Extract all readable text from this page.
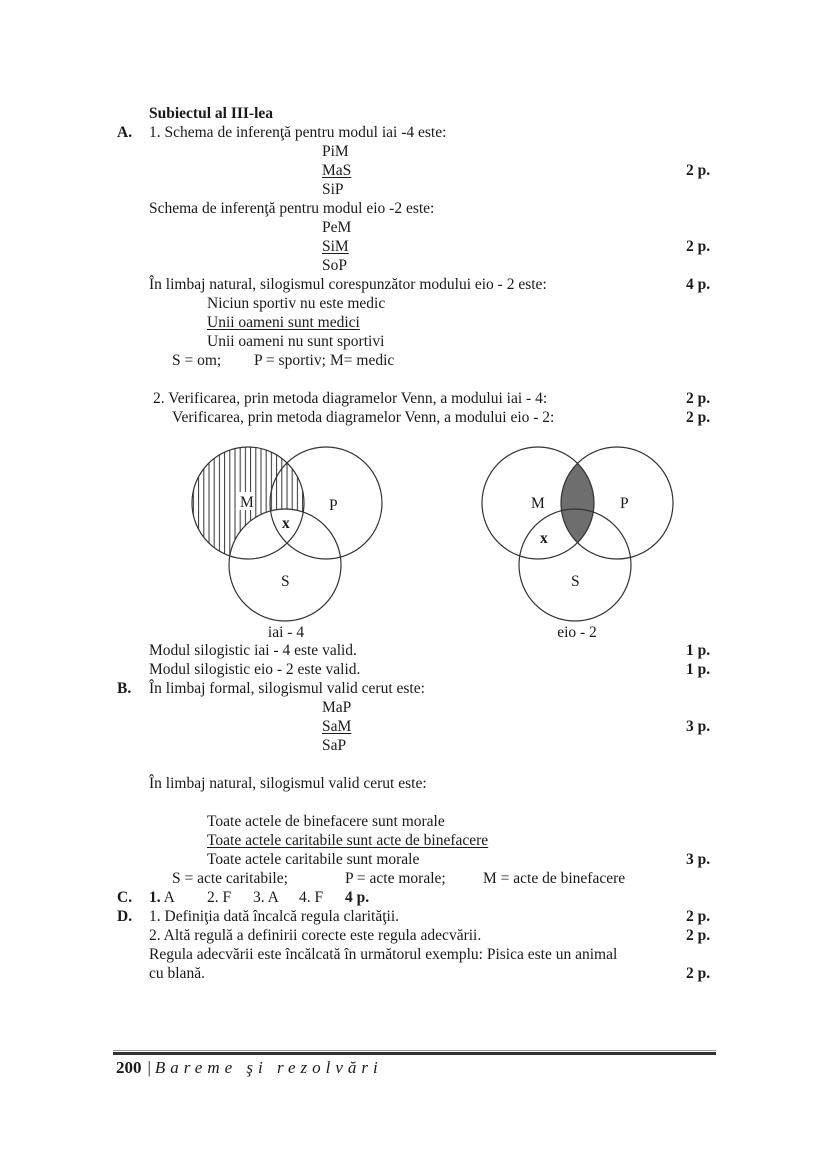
Subiectul al III-lea
A. 1. Schema de inferenţă pentru modul iai -4 este:
PiM
MaS	2 p.
SiP
Schema de inferenţă pentru modul eio -2 este:
PeM
SiM	2 p.
SoP
În limbaj natural, silogismul corespunzător modului eio - 2 este:	4 p.
Niciun sportiv nu este medic
Unii oameni sunt medici
Unii oameni nu sunt sportivi
S = om; P = sportiv; M= medic
2. Verificarea, prin metoda diagramelor Venn, a modului iai - 4:	2 p.
Verificarea, prin metoda diagramelor Venn, a modului eio - 2:	2 p.
M	P
x
S
iai - 4
M	P
x
S
eio - 2
Modul silogistic iai - 4 este valid.	1 p.
Modul silogistic eio - 2 este valid.	1 p.
B. În limbaj formal, silogismul valid cerut este:
MaP
SaM	3 p.
SaP
În limbaj natural, silogismul valid cerut este:
Toate actele de binefacere sunt morale
Toate actele caritabile sunt acte de binefacere
Toate actele caritabile sunt morale	3 p.
S = acte caritabile;	P = acte morale; M = acte de binefacere
C. 1. A 2. F 3. A 4. F 4 p.
D. 1. Definiţia dată încalcă regula clarităţii.	2 p.
2. Altă regulă a definirii corecte este regula adecvării.	2 p.
Regula adecvării este încălcată în următorul exemplu: Pisica este un animal
cu blană.	2 p.
200 | Bareme şi rezolvări
